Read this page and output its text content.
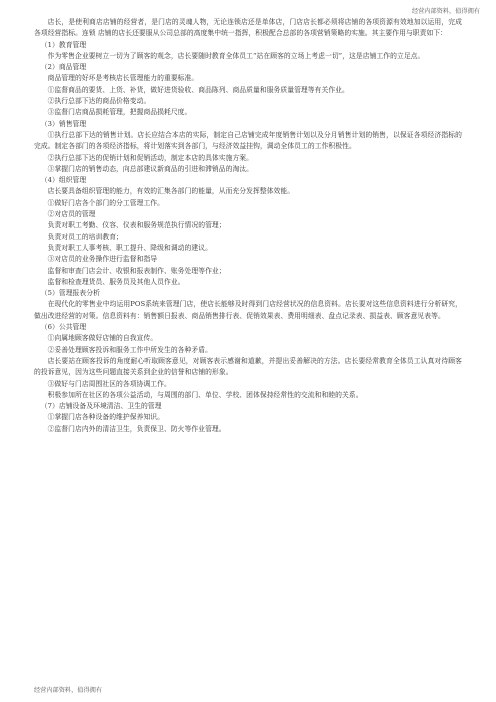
经营内部资料，值得拥有

店长，是使利商店店铺的经营者，是门店的灵魂人物，无论连锁店还是单体店，门店店长都必须将店铺的各项资源有效地加以运用，完成各项经营指标。连锁 店铺的店长还要服从公司总部的高度集中统一指挥，积极配合总部的各项营销策略的实施。其主要作用与职责如下：

（1）教育管理

作为零售企业要树立一切为了顾客的观念，店长要随时教育全体员工“站在顾客的立场上考虑一切”，这是店铺工作的立足点。

（2）商品管理

商品管理的好坏是考核店长管理能力的重要标准。

①监督商品的要货、上货、补货，做好进货验收、商品陈列、商品质量和服务质量管理等有关作业。

②执行总部下达的商品价格变动。

③监督门店商品损耗管理，把握商品损耗尺度。

（3）销售管理

①执行总部下达的销售计划。店长应结合本店的实际，制定自己店铺完成年度销售计划以及分月销售计划的销售，以保证各项经济指标的完成。制定各部门的各项经济指标，将计划落实到各部门，与经济效益挂钩，调动全体员工的工作积极性。

②执行总部下达的促销计划和促销活动，制定本店的具体实施方案。

③掌握门店的销售动态，向总部建议新商品的引进和滞销品的淘汰。

（4）组织管理

店长要具备组织管理的能力，有效的汇集各部门的能量，从而充分发挥整体效能。

①做好门店各个部门的分工管理工作。

②对店员的管理

负责对职工考勤、仪容、仪表和服务规范执行情况的管理；

负责对员工的培训教育；

负责对职工人事考核、职工提升、降级和调动的建议。

③对店员的业务操作进行监督和指导

监督和审查门店会计、收银和报表制作、账务处理等作业；

监督和检查理货员、服务员及其他人员作业。

（5）管理报表分析

在现代化的零售业中均运用POS系统来管理门店，使店长能够及时得到门店经营状况的信息资料。店长要对这些信息资料进行分析研究，做出改进经营的对策。信息资料有：销售额日报表、商品销售排行表、促销效果表、费用明细表、盘点记录表、损益表、顾客意见表等。

（6）公共管理

①向属地顾客做好店铺的自我宣传。

②妥善处理顾客投诉和服务工作中所发生的各种矛盾。

店长要站在顾客投诉的角度耐心听取顾客意见，对顾客表示感谢和道歉，并提出妥善解决的方法。店长要经常教育全体员工认真对待顾客的投诉意见，因为这些问题直接关系到企业的信誉和店铺的形象。

③做好与门店周围社区的各项协调工作。

积极参加所在社区的各项公益活动，与周围的部门、单位、学校、团体保持经常性的交流和和睦的关系。

（7）店铺设备及环境清洁、卫生的管理

①掌握门店各种设备的维护保养知识。

②监督门店内外的清洁卫生，负责保卫、防火等作业管理。

经营内部资料，值得拥有
